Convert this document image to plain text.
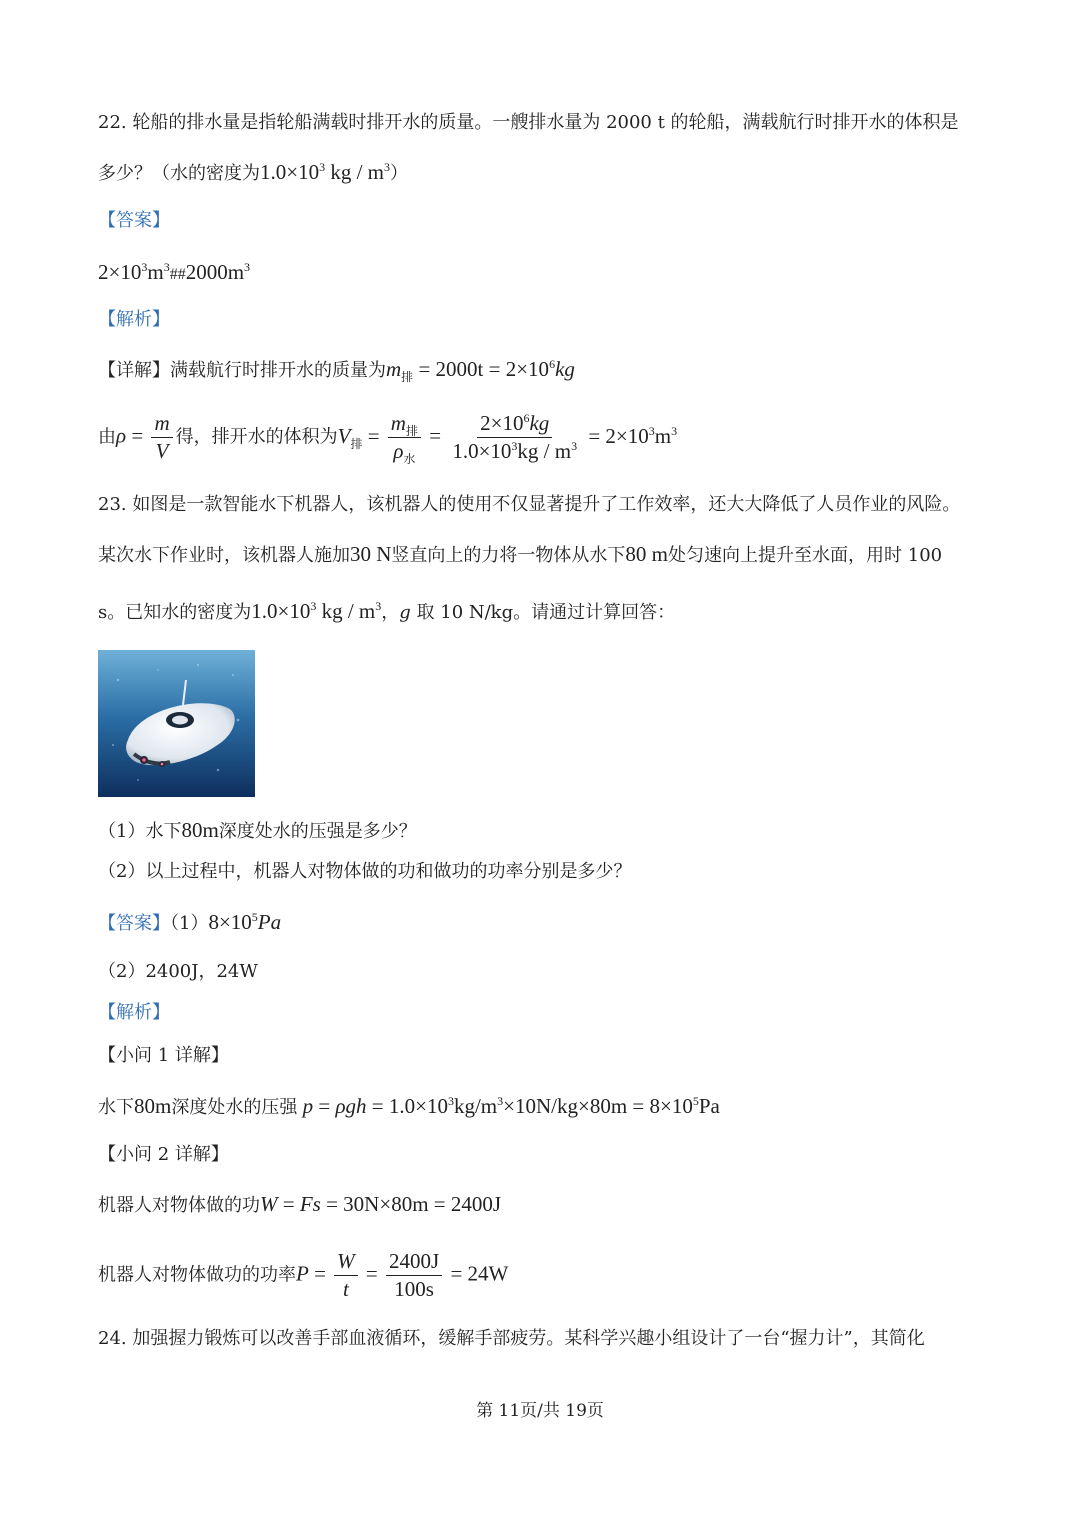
22. 轮船的排水量是指轮船满载时排开水的质量。一艘排水量为 2000 t 的轮船，满载航行时排开水的体积是
多少？（水的密度为$1.0\times 10^3$ kg / $m^3$）
【答案】
$2\times 10^3m^3\#\#2000m^3$
【解析】
【详解】满载航行时排开水的质量为$m_排 = 2000t = 2\times 10^6kg$
由$\rho = \frac{m}{V}$ 得，排开水的体积为$V_排 = \frac{m_排}{\rho_水} = \frac{2\times 10^6kg}{1.0\times 10^3kg / m^3} = 2\times 10^3m^3$
23. 如图是一款智能水下机器人，该机器人的使用不仅显著提升了工作效率，还大大降低了人员作业的风险。
某次水下作业时，该机器人施加30 N竖直向上的力将一物体从水下80 m处匀速向上提升至水面，用时 100
s。已知水的密度为$1.0\times 10^3$ kg / $m^3$，g 取 10 N/kg。请通过计算回答：
（1）水下80m深度处水的压强是多少？
（2）以上过程中，机器人对物体做的功和做功的功率分别是多少？
【答案】$(1)8\times 10^5Pa$
（2）2400J，24W
【解析】
【小问 1 详解】
水下80m深度处水的压强 $p = \rho gh = 1.0\times 10^3kg/m^3\times 10N/kg\times 80m = 8\times 10^5Pa$
【小问 2 详解】
机器人对物体做的功W = Fs = 30N×80m = 2400J
机器人对物体做功的功率$P = \frac{W}{t} = \frac{2400J}{100s} = 24W$
24. 加强握力锻炼可以改善手部血液循环，缓解手部疲劳。某科学兴趣小组设计了一台“握力计”，其简化
第 11页/共 19页
